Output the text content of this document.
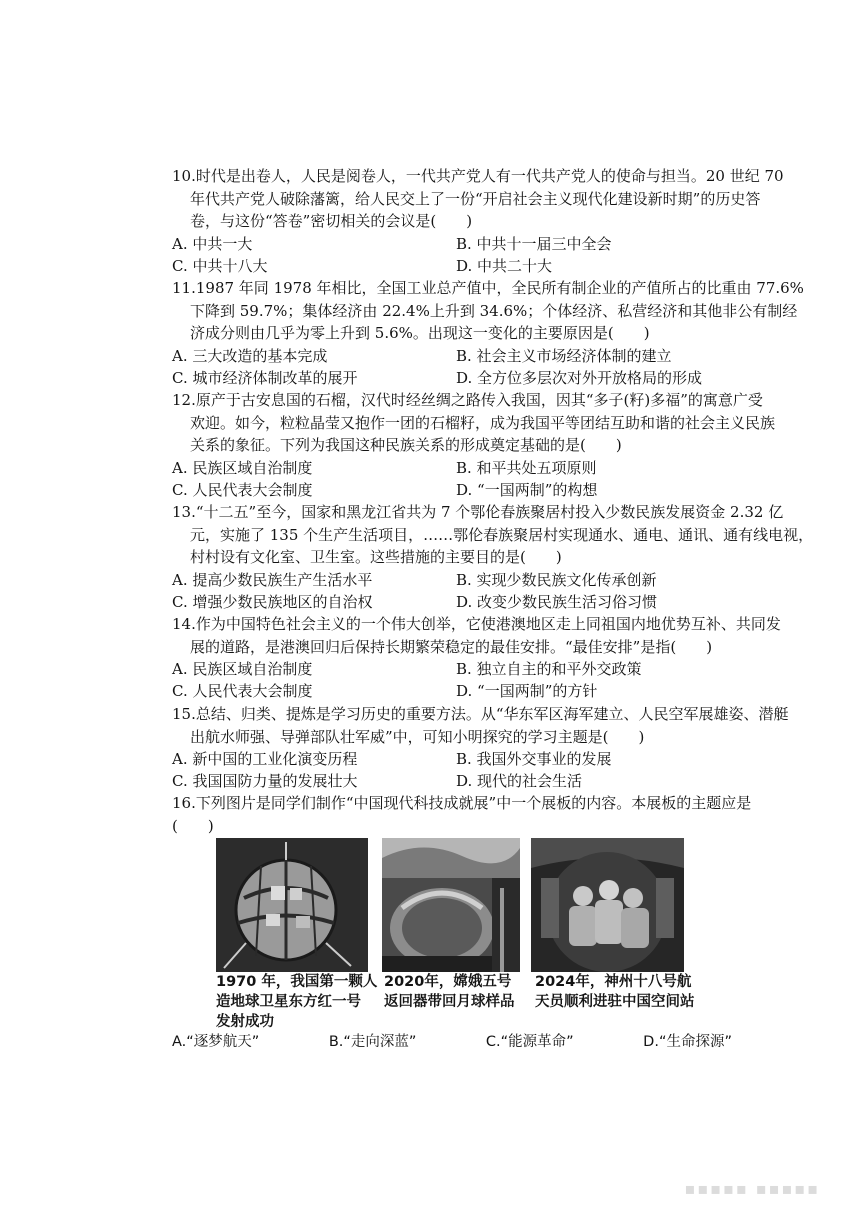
10.时代是出卷人，人民是阅卷人，一代共产党人有一代共产党人的使命与担当。20 世纪 70
年代共产党人破除藩篱，给人民交上了一份“开启社会主义现代化建设新时期”的历史答
卷，与这份“答卷”密切相关的会议是(　　)
A. 中共一大	B. 中共十一届三中全会
C. 中共十八大	D. 中共二十大
11.1987 年同 1978 年相比，全国工业总产值中，全民所有制企业的产值所占的比重由 77.6%
下降到 59.7%；集体经济由 22.4%上升到 34.6%；个体经济、私营经济和其他非公有制经
济成分则由几乎为零上升到 5.6%。出现这一变化的主要原因是(　　)
A. 三大改造的基本完成	B. 社会主义市场经济体制的建立
C. 城市经济体制改革的展开	D. 全方位多层次对外开放格局的形成
12.原产于古安息国的石榴，汉代时经丝绸之路传入我国，因其“多子(籽)多福”的寓意广受
欢迎。如今，粒粒晶莹又抱作一团的石榴籽，成为我国平等团结互助和谐的社会主义民族
关系的象征。下列为我国这种民族关系的形成奠定基础的是(　　)
A. 民族区域自治制度	B. 和平共处五项原则
C. 人民代表大会制度	D. “一国两制”的构想
13.“十二五”至今，国家和黑龙江省共为 7 个鄂伦春族聚居村投入少数民族发展资金 2.32 亿
元，实施了 135 个生产生活项目，……鄂伦春族聚居村实现通水、通电、通讯、通有线电视，
村村设有文化室、卫生室。这些措施的主要目的是(　　)
A. 提高少数民族生产生活水平	B. 实现少数民族文化传承创新
C. 增强少数民族地区的自治权	D. 改变少数民族生活习俗习惯
14.作为中国特色社会主义的一个伟大创举，它使港澳地区走上同祖国内地优势互补、共同发
展的道路，是港澳回归后保持长期繁荣稳定的最佳安排。“最佳安排”是指(　　)
A. 民族区域自治制度	B. 独立自主的和平外交政策
C. 人民代表大会制度	D. “一国两制”的方针
15.总结、归类、提炼是学习历史的重要方法。从“华东军区海军建立、人民空军展雄姿、潜艇
出航水师强、导弹部队壮军威”中，可知小明探究的学习主题是(　　)
A. 新中国的工业化演变历程	B. 我国外交事业的发展
C. 我国国防力量的发展壮大	D. 现代的社会生活
16.下列图片是同学们制作“中国现代科技成就展”中一个展板的内容。本展板的主题应是
(　　)
1970 年，我国第一颗人
造地球卫星东方红一号
发射成功
2020年，嫦娥五号
返回器带回月球样品
2024年，神州十八号航
天员顺利进驻中国空间站
A.“逐梦航天”	B.“走向深蓝”	C.“能源革命”	D.“生命探源”
▪▪▪▪▪ ▪▪▪▪▪
